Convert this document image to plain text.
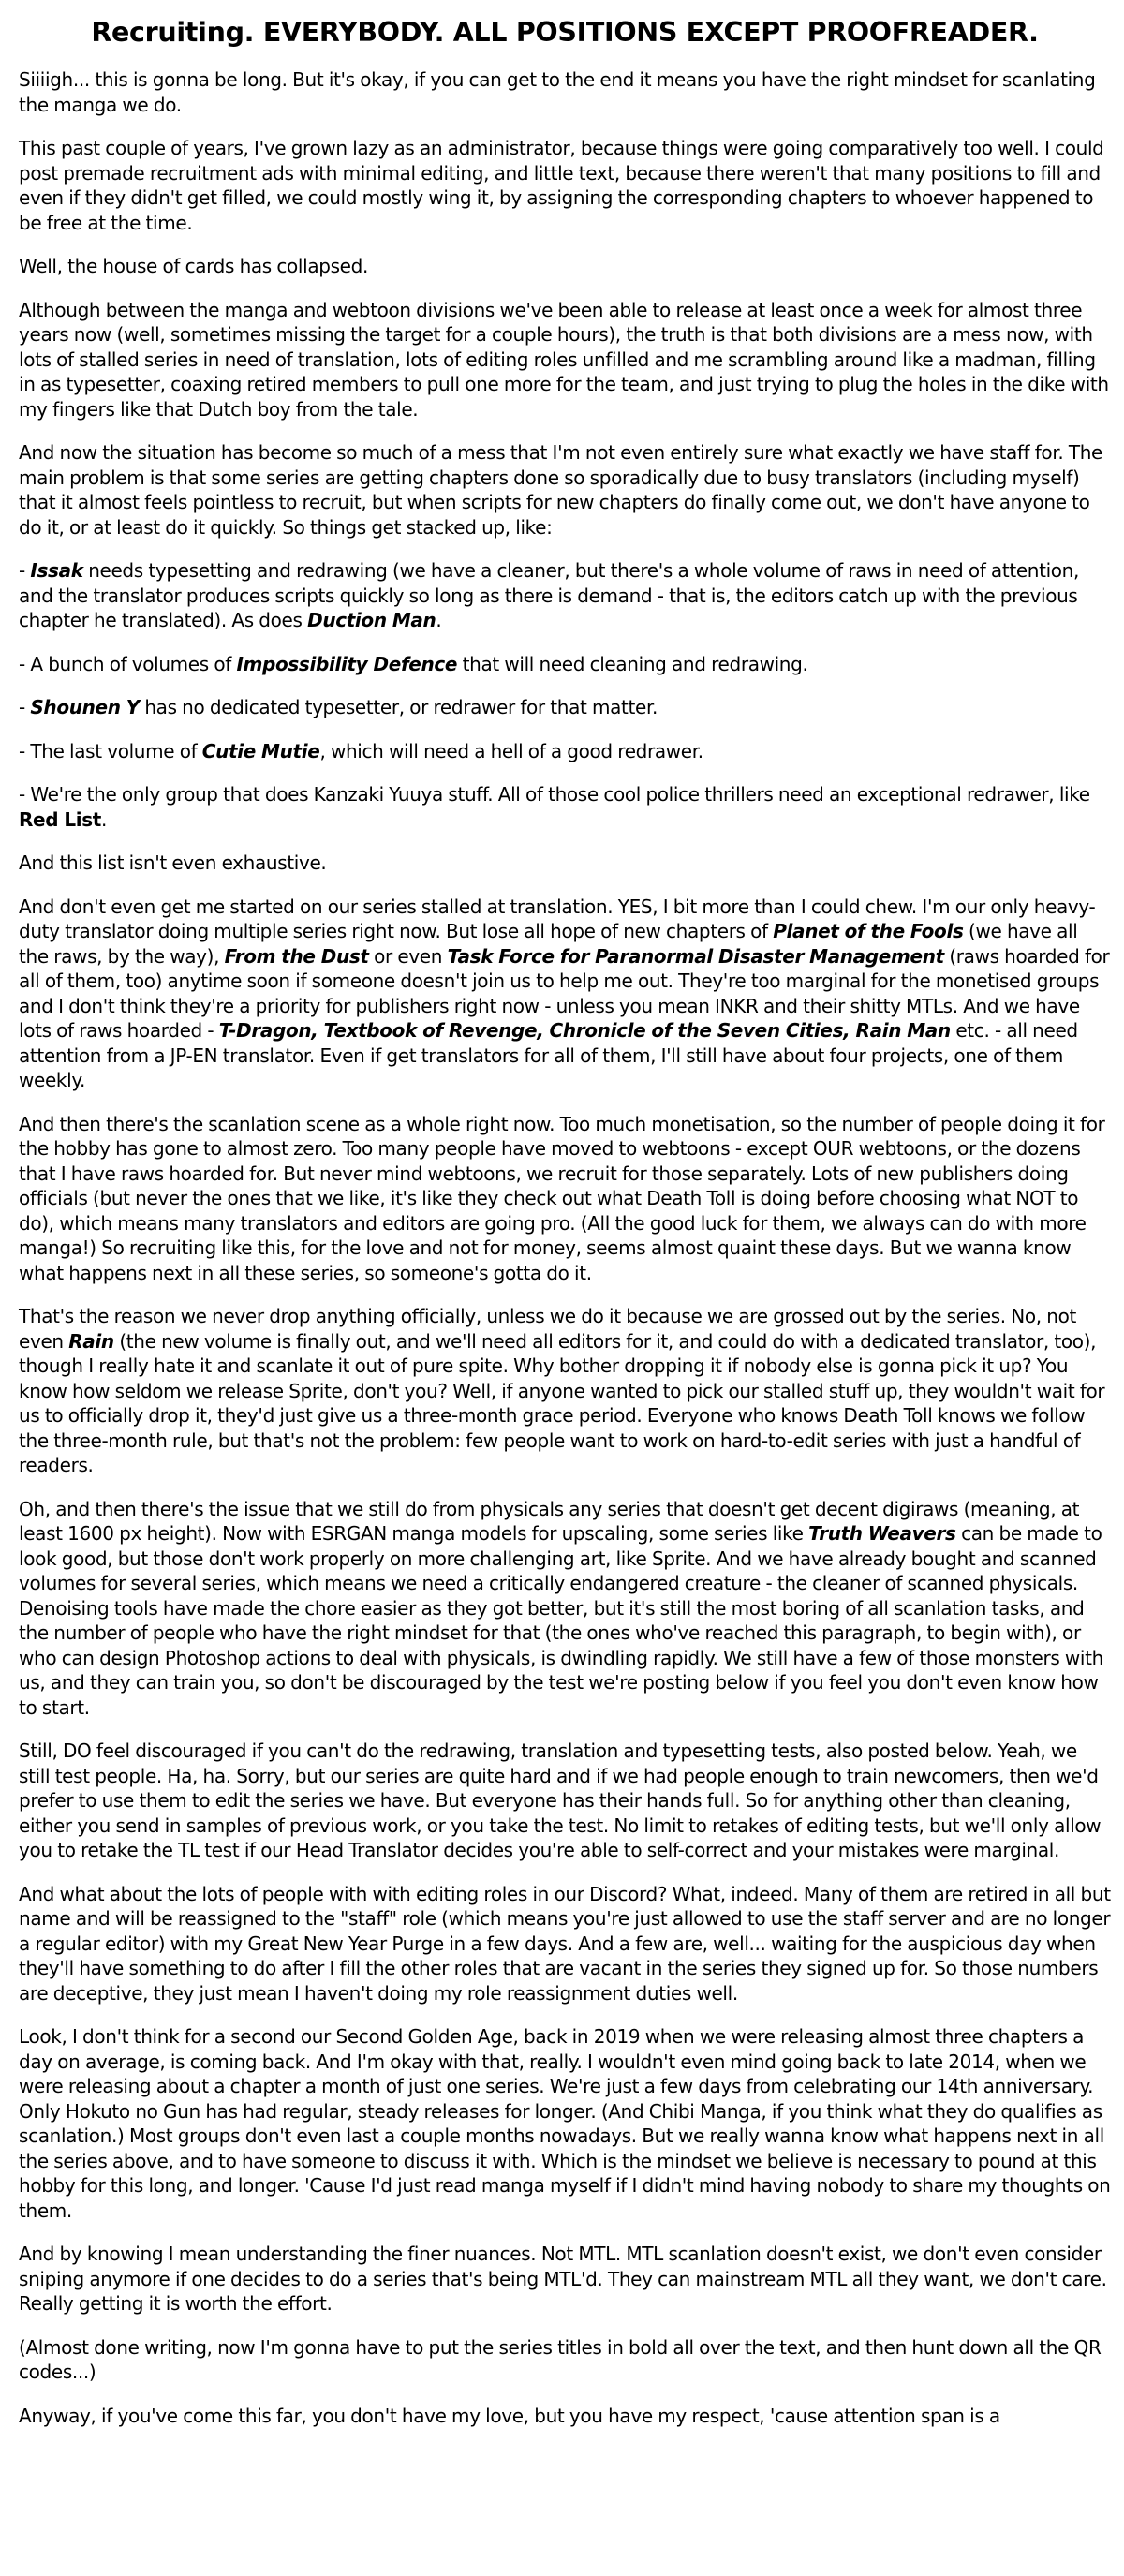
Recruiting. EVERYBODY. ALL POSITIONS EXCEPT PROOFREADER.

Siiiigh... this is gonna be long. But it's okay, if you can get to the end it means you have the right mindset for scanlating the manga we do.

This past couple of years, I've grown lazy as an administrator, because things were going comparatively too well. I could post premade recruitment ads with minimal editing, and little text, because there weren't that many positions to fill and even if they didn't get filled, we could mostly wing it, by assigning the corresponding chapters to whoever happened to be free at the time.

Well, the house of cards has collapsed.

Although between the manga and webtoon divisions we've been able to release at least once a week for almost three years now (well, sometimes missing the target for a couple hours), the truth is that both divisions are a mess now, with lots of stalled series in need of translation, lots of editing roles unfilled and me scrambling around like a madman, filling in as typesetter, coaxing retired members to pull one more for the team, and just trying to plug the holes in the dike with my fingers like that Dutch boy from the tale.

And now the situation has become so much of a mess that I'm not even entirely sure what exactly we have staff for. The main problem is that some series are getting chapters done so sporadically due to busy translators (including myself) that it almost feels pointless to recruit, but when scripts for new chapters do finally come out, we don't have anyone to do it, or at least do it quickly. So things get stacked up, like:

- Issak needs typesetting and redrawing (we have a cleaner, but there's a whole volume of raws in need of attention, and the translator produces scripts quickly so long as there is demand - that is, the editors catch up with the previous chapter he translated). As does Duction Man.

- A bunch of volumes of Impossibility Defence that will need cleaning and redrawing.

- Shounen Y has no dedicated typesetter, or redrawer for that matter.

- The last volume of Cutie Mutie, which will need a hell of a good redrawer.

- We're the only group that does Kanzaki Yuuya stuff. All of those cool police thrillers need an exceptional redrawer, like Red List.

And this list isn't even exhaustive.

And don't even get me started on our series stalled at translation. YES, I bit more than I could chew. I'm our only heavy-duty translator doing multiple series right now. But lose all hope of new chapters of Planet of the Fools (we have all the raws, by the way), From the Dust or even Task Force for Paranormal Disaster Management (raws hoarded for all of them, too) anytime soon if someone doesn't join us to help me out. They're too marginal for the monetised groups and I don't think they're a priority for publishers right now - unless you mean INKR and their shitty MTLs. And we have lots of raws hoarded - T-Dragon, Textbook of Revenge, Chronicle of the Seven Cities, Rain Man etc. - all need attention from a JP-EN translator. Even if get translators for all of them, I'll still have about four projects, one of them weekly.

And then there's the scanlation scene as a whole right now. Too much monetisation, so the number of people doing it for the hobby has gone to almost zero. Too many people have moved to webtoons - except OUR webtoons, or the dozens that I have raws hoarded for. But never mind webtoons, we recruit for those separately. Lots of new publishers doing officials (but never the ones that we like, it's like they check out what Death Toll is doing before choosing what NOT to do), which means many translators and editors are going pro. (All the good luck for them, we always can do with more manga!) So recruiting like this, for the love and not for money, seems almost quaint these days. But we wanna know what happens next in all these series, so someone's gotta do it.

That's the reason we never drop anything officially, unless we do it because we are grossed out by the series. No, not even Rain (the new volume is finally out, and we'll need all editors for it, and could do with a dedicated translator, too), though I really hate it and scanlate it out of pure spite. Why bother dropping it if nobody else is gonna pick it up? You know how seldom we release Sprite, don't you? Well, if anyone wanted to pick our stalled stuff up, they wouldn't wait for us to officially drop it, they'd just give us a three-month grace period. Everyone who knows Death Toll knows we follow the three-month rule, but that's not the problem: few people want to work on hard-to-edit series with just a handful of readers.

Oh, and then there's the issue that we still do from physicals any series that doesn't get decent digiraws (meaning, at least 1600 px height). Now with ESRGAN manga models for upscaling, some series like Truth Weavers can be made to look good, but those don't work properly on more challenging art, like Sprite. And we have already bought and scanned volumes for several series, which means we need a critically endangered creature - the cleaner of scanned physicals. Denoising tools have made the chore easier as they got better, but it's still the most boring of all scanlation tasks, and the number of people who have the right mindset for that (the ones who've reached this paragraph, to begin with), or who can design Photoshop actions to deal with physicals, is dwindling rapidly. We still have a few of those monsters with us, and they can train you, so don't be discouraged by the test we're posting below if you feel you don't even know how to start.

Still, DO feel discouraged if you can't do the redrawing, translation and typesetting tests, also posted below. Yeah, we still test people. Ha, ha. Sorry, but our series are quite hard and if we had people enough to train newcomers, then we'd prefer to use them to edit the series we have. But everyone has their hands full. So for anything other than cleaning, either you send in samples of previous work, or you take the test. No limit to retakes of editing tests, but we'll only allow you to retake the TL test if our Head Translator decides you're able to self-correct and your mistakes were marginal.

And what about the lots of people with with editing roles in our Discord? What, indeed. Many of them are retired in all but name and will be reassigned to the "staff" role (which means you're just allowed to use the staff server and are no longer a regular editor) with my Great New Year Purge in a few days. And a few are, well... waiting for the auspicious day when they'll have something to do after I fill the other roles that are vacant in the series they signed up for. So those numbers are deceptive, they just mean I haven't doing my role reassignment duties well.

Look, I don't think for a second our Second Golden Age, back in 2019 when we were releasing almost three chapters a day on average, is coming back. And I'm okay with that, really. I wouldn't even mind going back to late 2014, when we were releasing about a chapter a month of just one series. We're just a few days from celebrating our 14th anniversary. Only Hokuto no Gun has had regular, steady releases for longer. (And Chibi Manga, if you think what they do qualifies as scanlation.) Most groups don't even last a couple months nowadays. But we really wanna know what happens next in all the series above, and to have someone to discuss it with. Which is the mindset we believe is necessary to pound at this hobby for this long, and longer. 'Cause I'd just read manga myself if I didn't mind having nobody to share my thoughts on them.

And by knowing I mean understanding the finer nuances. Not MTL. MTL scanlation doesn't exist, we don't even consider sniping anymore if one decides to do a series that's being MTL'd. They can mainstream MTL all they want, we don't care. Really getting it is worth the effort.

(Almost done writing, now I'm gonna have to put the series titles in bold all over the text, and then hunt down all the QR codes...)

Anyway, if you've come this far, you don't have my love, but you have my respect, 'cause attention span is a
